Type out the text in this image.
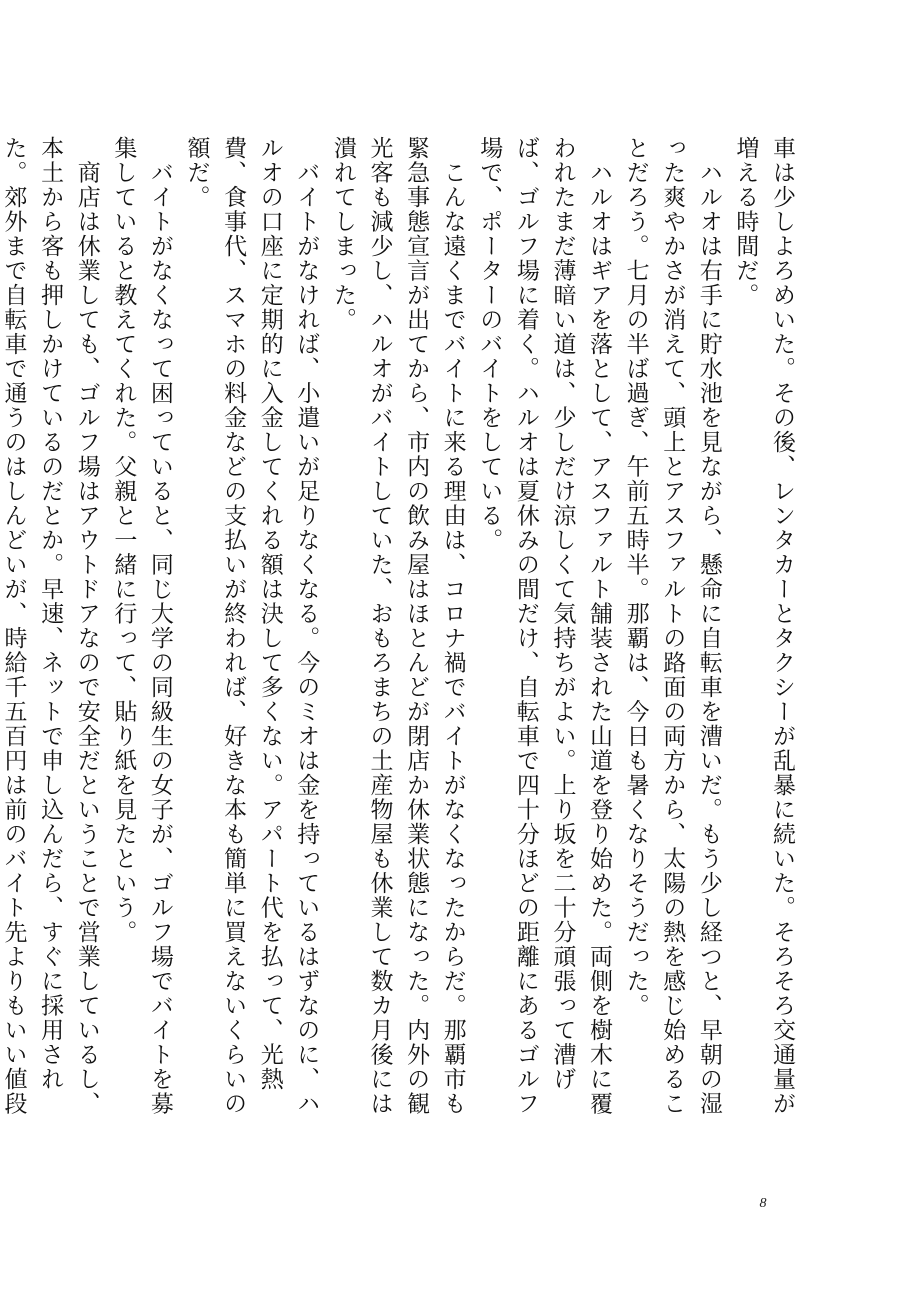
車は少しよろめいた。その後、レンタカーとタクシーが乱暴に続いた。そろそろ交通量が増える時間だ。

　ハルオは右手に貯水池を見ながら、懸命に自転車を漕いだ。もう少し経つと、早朝の湿った爽やかさが消えて、頭上とアスファルトの路面の両方から、太陽の熱を感じ始めることだろう。七月の半ば過ぎ、午前五時半。那覇は、今日も暑くなりそうだった。

　ハルオはギアを落として、アスファルト舗装された山道を登り始めた。両側を樹木に覆われたまだ薄暗い道は、少しだけ涼しくて気持ちがよい。上り坂を二十分頑張って漕げば、ゴルフ場に着く。ハルオは夏休みの間だけ、自転車で四十分ほどの距離にあるゴルフ場で、ポーターのバイトをしている。

　こんな遠くまでバイトに来る理由は、コロナ禍でバイトがなくなったからだ。那覇市も緊急事態宣言が出てから、市内の飲み屋はほとんどが閉店か休業状態になった。内外の観光客も減少し、ハルオがバイトしていた、おもろまちの土産物屋も休業して数カ月後には潰れてしまった。

　バイトがなければ、小遣いが足りなくなる。今のミオは金を持っているはずなのに、ハルオの口座に定期的に入金してくれる額は決して多くない。アパート代を払って、光熱費、食事代、スマホの料金などの支払いが終われば、好きな本も簡単に買えないくらいの額だ。

　バイトがなくなって困っていると、同じ大学の同級生の女子が、ゴルフ場でバイトを募集していると教えてくれた。父親と一緒に行って、貼り紙を見たという。

　商店は休業しても、ゴルフ場はアウトドアなので安全だということで営業しているし、本土から客も押しかけているのだとか。早速、ネットで申し込んだら、すぐに採用された。郊外まで自転車で通うのはしんどいが、時給千五百円は前のバイト先よりもいい値段

8
